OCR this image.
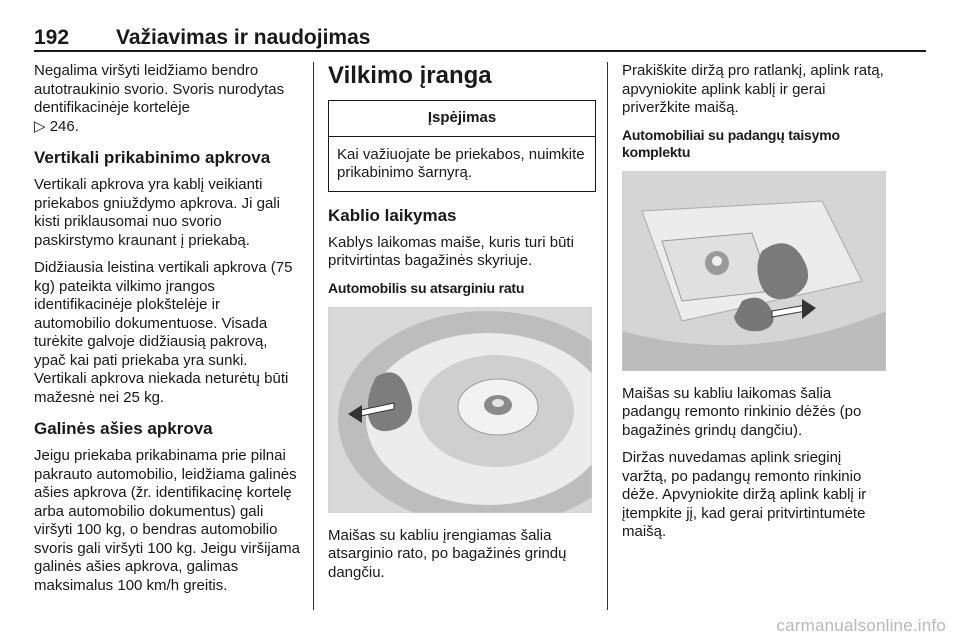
192 Važiavimas ir naudojimas

Negalima viršyti leidžiamo bendro autotraukinio svorio. Svoris nurodytas dentifikacinėje kortelėje
▷ 246.

Vertikali prikabinimo apkrova

Vertikali apkrova yra kablį veikianti priekabos gniuždymo apkrova. Ji gali kisti priklausomai nuo svorio paskirstymo kraunant į priekabą.

Didžiausia leistina vertikali apkrova (75 kg) pateikta vilkimo įrangos identifikacinėje plokštelėje ir automobilio dokumentuose. Visada turėkite galvoje didžiausią pakrovą, ypač kai pati priekaba yra sunki. Vertikali apkrova niekada neturėtų būti mažesnė nei 25 kg.

Galinės ašies apkrova

Jeigu priekaba prikabinama prie pilnai pakrauto automobilio, leidžiama galinės ašies apkrova (žr. identifikacinę kortelę arba automobilio dokumentus) gali viršyti 100 kg, o bendras automobilio svoris gali viršyti 100 kg. Jeigu viršijama galinės ašies apkrova, galimas maksimalus 100 km/h greitis.

Vilkimo įranga
Įspėjimas
Kai važiuojate be priekabos, nuimkite prikabinimo šarnyrą.
Kablio laikymas

Kablys laikomas maiše, kuris turi būti pritvirtintas bagažinės skyriuje.

Automobilis su atsarginiu ratu

Maišas su kabliu įrengiamas šalia atsarginio rato, po bagažinės grindų dangčiu.

Prakiškite diržą pro ratlankį, aplink ratą, apvyniokite aplink kablį ir gerai priveržkite maišą.

Automobiliai su padangų taisymo komplektu

Maišas su kabliu laikomas šalia padangų remonto rinkinio dėžės (po bagažinės grindų dangčiu).

Diržas nuvedamas aplink srieginį varžtą, po padangų remonto rinkinio dėže. Apvyniokite diržą aplink kablį ir įtempkite jį, kad gerai pritvirtintumėte maišą.

carmanualsonline.info
